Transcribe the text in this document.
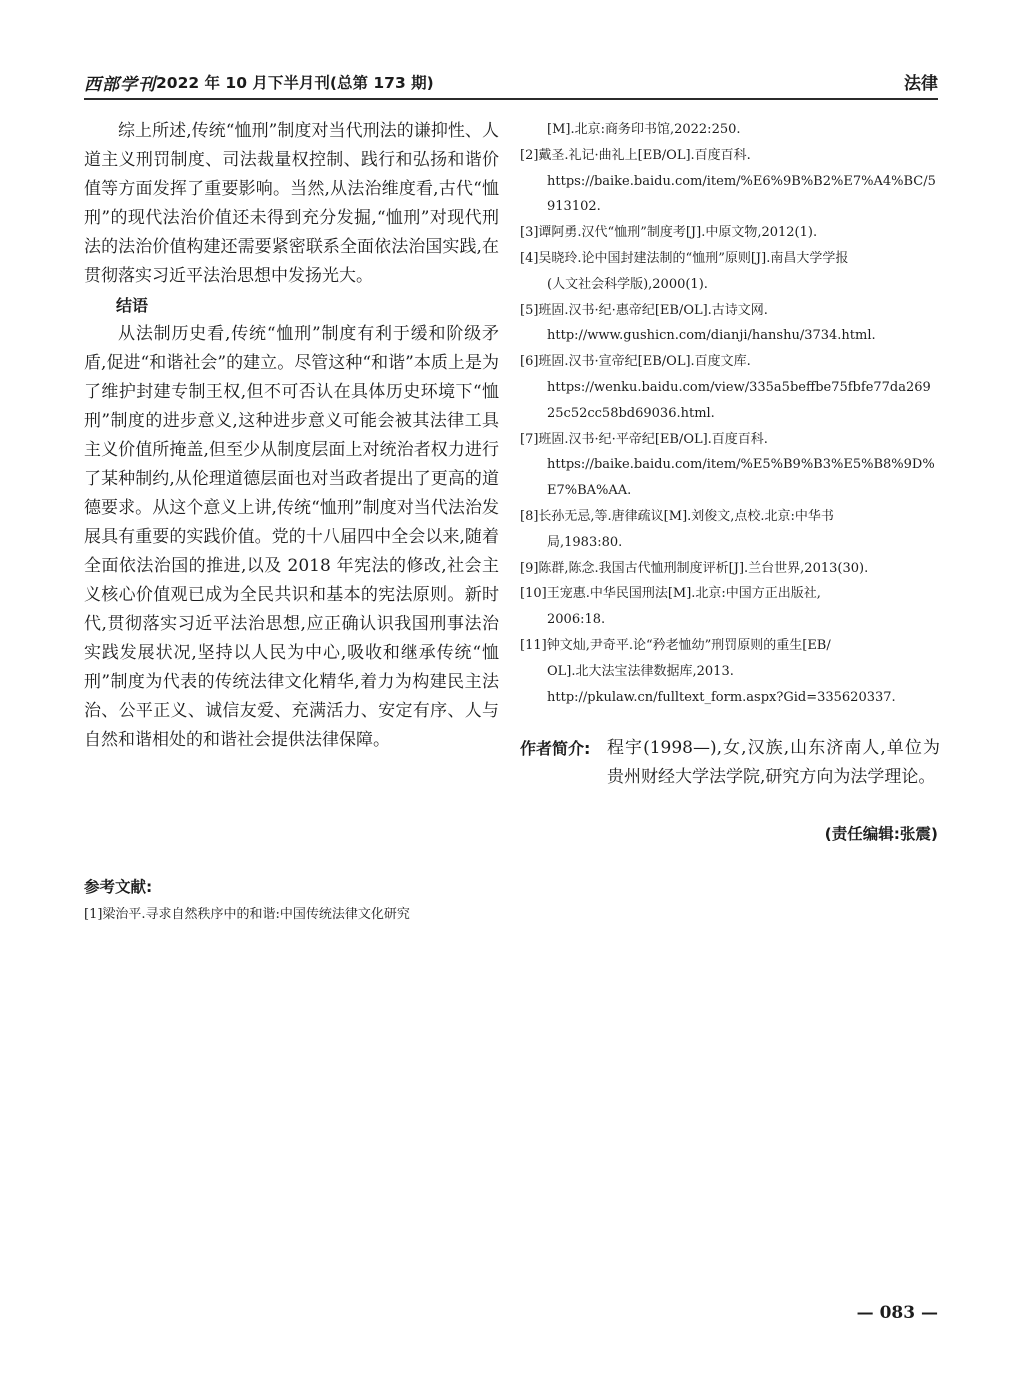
西部学刊 2022 年 10 月下半月刊(总第 173 期)	法律

综上所述,传统“恤刑”制度对当代刑法的谦抑性、人道主义刑罚制度、司法裁量权控制、践行和弘扬和谐价值等方面发挥了重要影响。当然,从法治维度看,古代“恤刑”的现代法治价值还未得到充分发掘,“恤刑”对现代刑法的法治价值构建还需要紧密联系全面依法治国实践,在贯彻落实习近平法治思想中发扬光大。

结语

从法制历史看,传统“恤刑”制度有利于缓和阶级矛盾,促进“和谐社会”的建立。尽管这种“和谐”本质上是为了维护封建专制王权,但不可否认在具体历史环境下“恤刑”制度的进步意义,这种进步意义可能会被其法律工具主义价值所掩盖,但至少从制度层面上对统治者权力进行了某种制约,从伦理道德层面也对当政者提出了更高的道德要求。从这个意义上讲,传统“恤刑”制度对当代法治发展具有重要的实践价值。党的十八届四中全会以来,随着全面依法治国的推进,以及 2018 年宪法的修改,社会主义核心价值观已成为全民共识和基本的宪法原则。新时代,贯彻落实习近平法治思想,应正确认识我国刑事法治实践发展状况,坚持以人民为中心,吸收和继承传统“恤刑”制度为代表的传统法律文化精华,着力为构建民主法治、公平正义、诚信友爱、充满活力、安定有序、人与自然和谐相处的和谐社会提供法律保障。

参考文献:

[1]梁治平.寻求自然秩序中的和谐:中国传统法律文化研究

[M].北京:商务印书馆,2022:250.

[2]戴圣.礼记·曲礼上[EB/OL].百度百科.
https://baike.baidu.com/item/%E6%9B%B2%E7%A4%BC/5913102.

[3]谭阿勇.汉代“恤刑”制度考[J].中原文物,2012(1).

[4]吴晓玲.论中国封建法制的“恤刑”原则[J].南昌大学学报
(人文社会科学版),2000(1).

[5]班固.汉书·纪·惠帝纪[EB/OL].古诗文网.
http://www.gushicn.com/dianji/hanshu/3734.html.

[6]班固.汉书·宣帝纪[EB/OL].百度文库.
https://wenku.baidu.com/view/335a5beffbe75fbfe77da26925c52cc58bd69036.html.

[7]班固.汉书·纪·平帝纪[EB/OL].百度百科.
https://baike.baidu.com/item/%E5%B9%B3%E5%B8%9D%E7%BA%AA.

[8]长孙无忌,等.唐律疏议[M].刘俊文,点校.北京:中华书
局,1983:80.

[9]陈群,陈念.我国古代恤刑制度评析[J].兰台世界,2013(30).

[10]王宠惠.中华民国刑法[M].北京:中国方正出版社,
2006:18.

[11]钟文灿,尹奇平.论“矜老恤幼”刑罚原则的重生[EB/
OL].北大法宝法律数据库,2013.
http://pkulaw.cn/fulltext_form.aspx?Gid=335620337.

作者简介: 程宇(1998—),女,汉族,山东济南人,单位为贵州财经大学法学院,研究方向为法学理论。
(责任编辑:张震)
— 083 —
